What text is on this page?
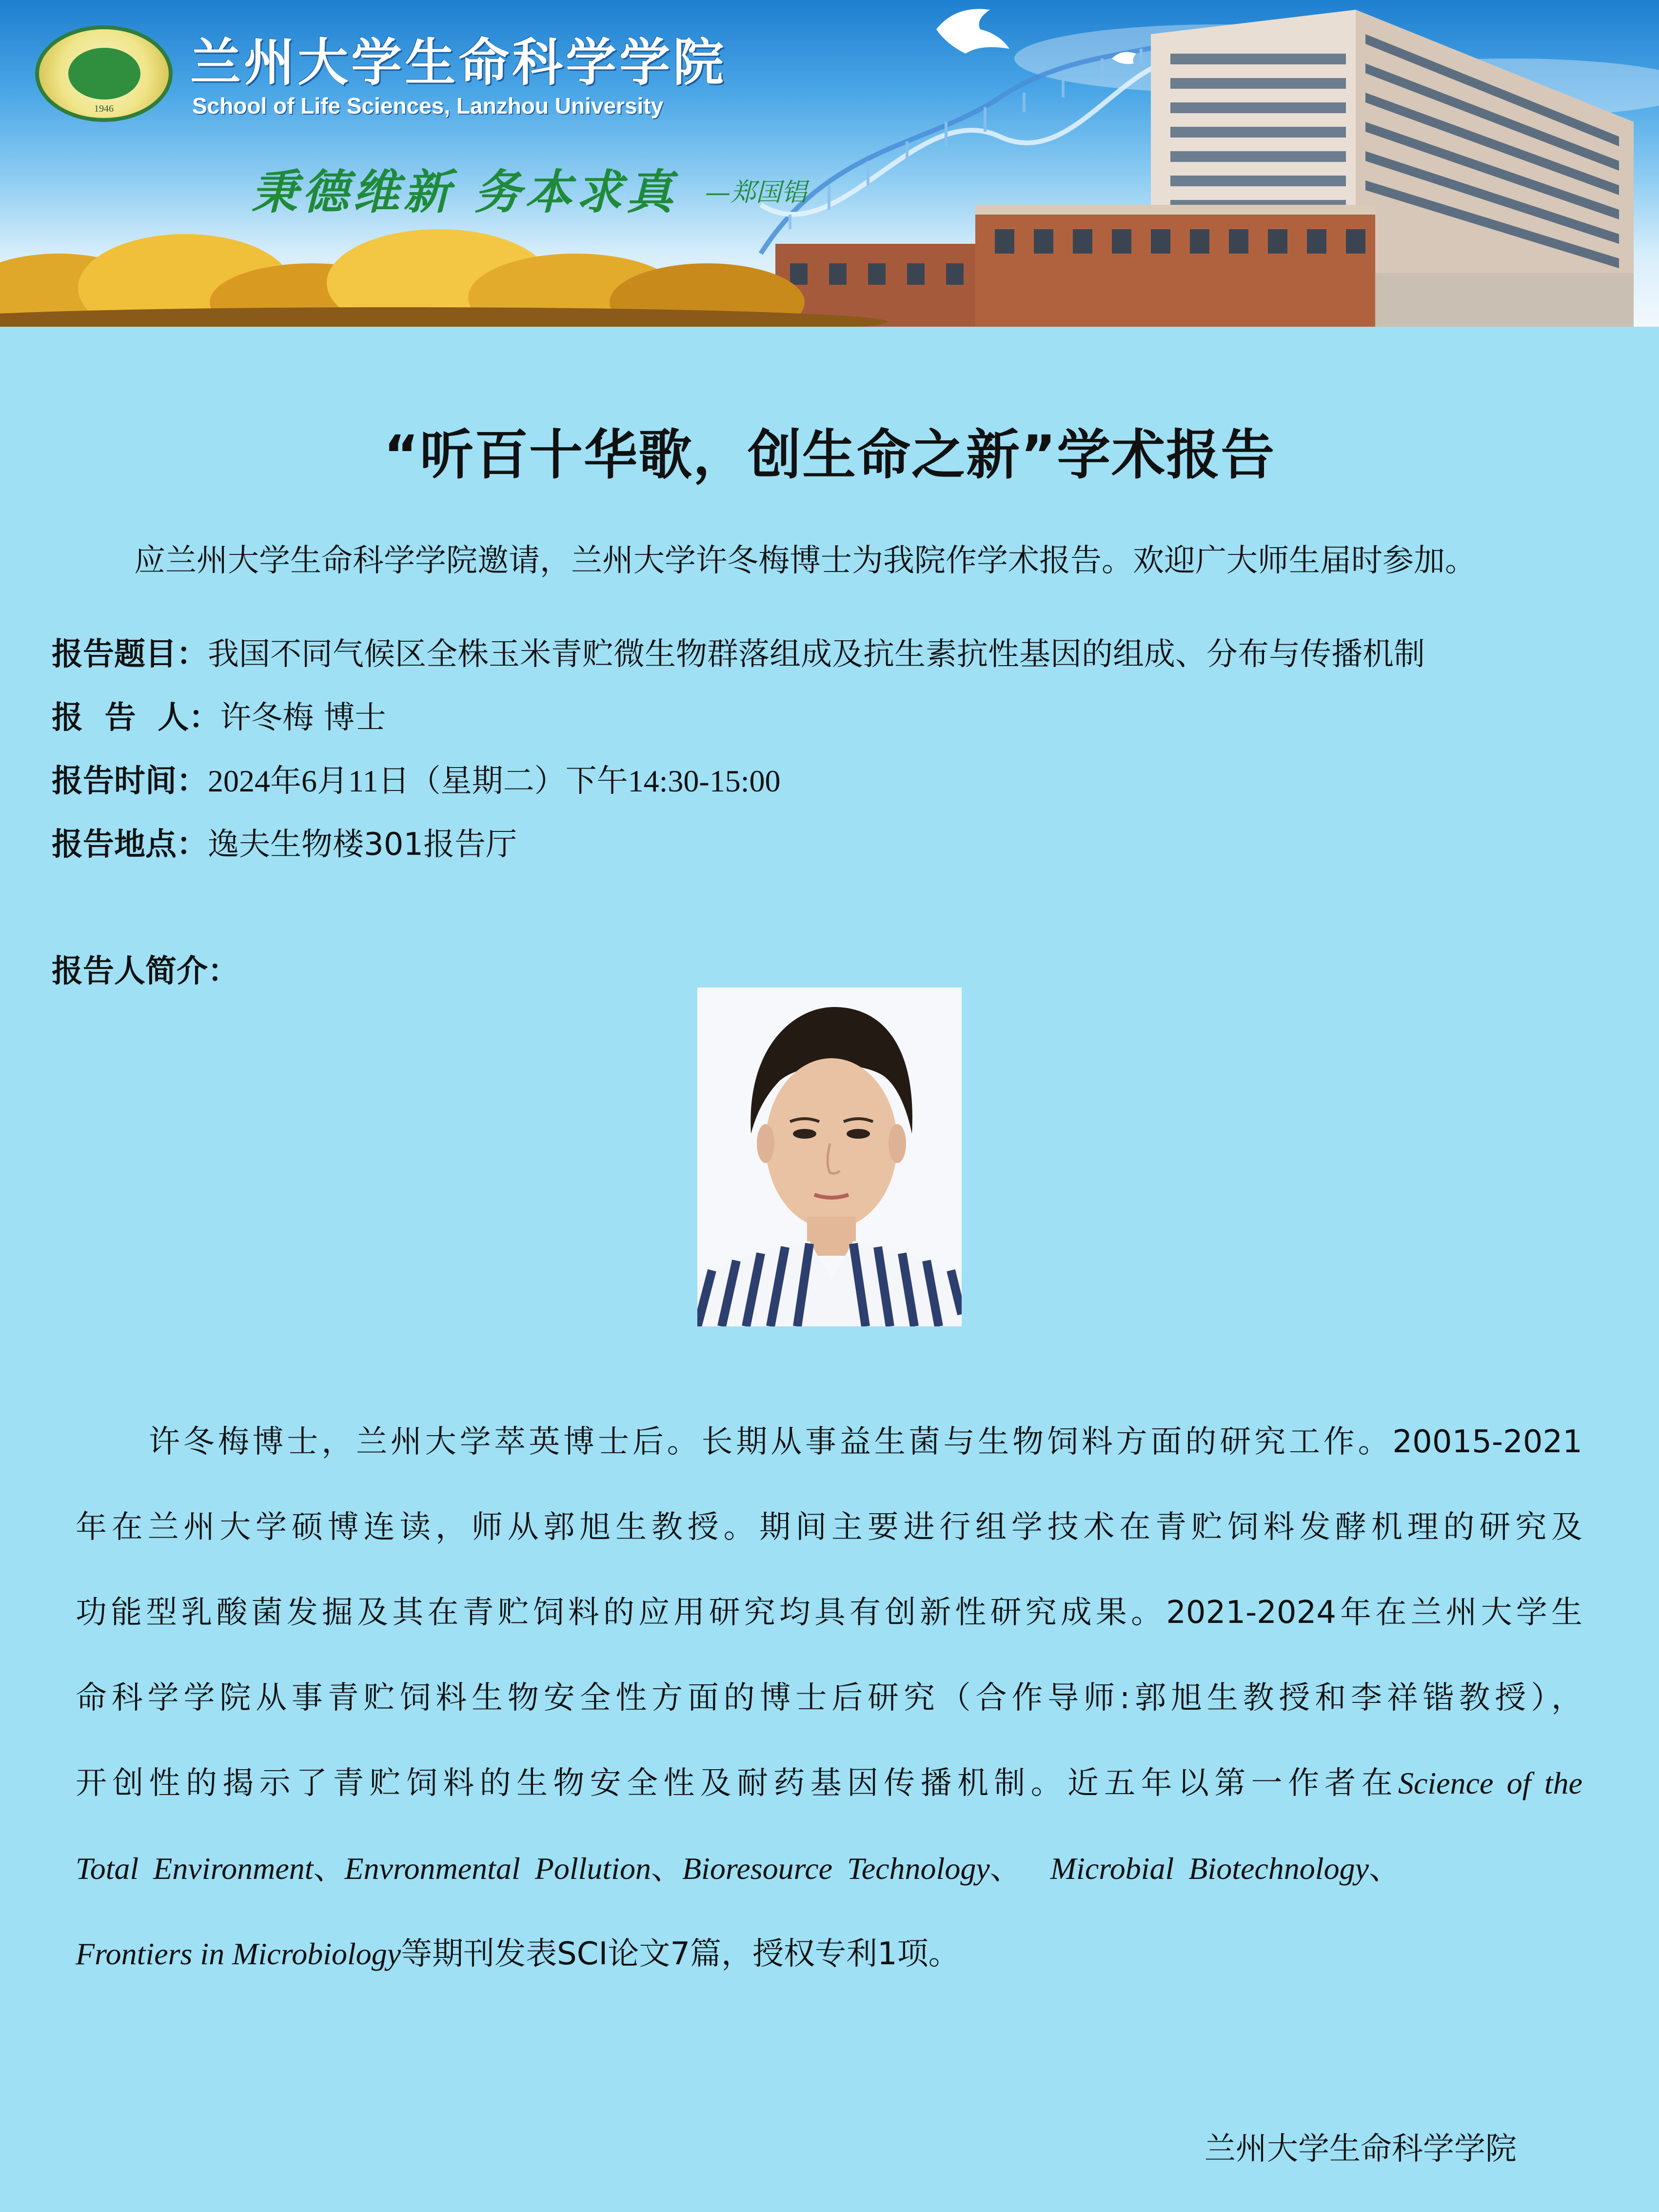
1946
兰州大学生命科学学院
School of Life Sciences, Lanzhou University
秉德维新 务本求真 —郑国锠
“听百十华歌，创生命之新”学术报告
应兰州大学生命科学学院邀请，兰州大学许冬梅博士为我院作学术报告。欢迎广大师生届时参加。
报告题目：我国不同气候区全株玉米青贮微生物群落组成及抗生素抗性基因的组成、分布与传播机制
报  告  人：许冬梅 博士
报告时间：2024年6月11日（星期二）下午14:30-15:00
报告地点：逸夫生物楼301报告厅
报告人简介：
许冬梅博士，兰州大学萃英博士后。长期从事益生菌与生物饲料方面的研究工作。20015-2021
年在兰州大学硕博连读，师从郭旭生教授。期间主要进行组学技术在青贮饲料发酵机理的研究及
功能型乳酸菌发掘及其在青贮饲料的应用研究均具有创新性研究成果。2021-2024年在兰州大学生
命科学学院从事青贮饲料生物安全性方面的博士后研究（合作导师:郭旭生教授和李祥锴教授），
开创性的揭示了青贮饲料的生物安全性及耐药基因传播机制。近五年以第一作者在Science of the
Total Environment、Envronmental Pollution、Bioresource Technology、 Microbial Biotechnology、
Frontiers in Microbiology等期刊发表SCI论文7篇，授权专利1项。
兰州大学生命科学学院
